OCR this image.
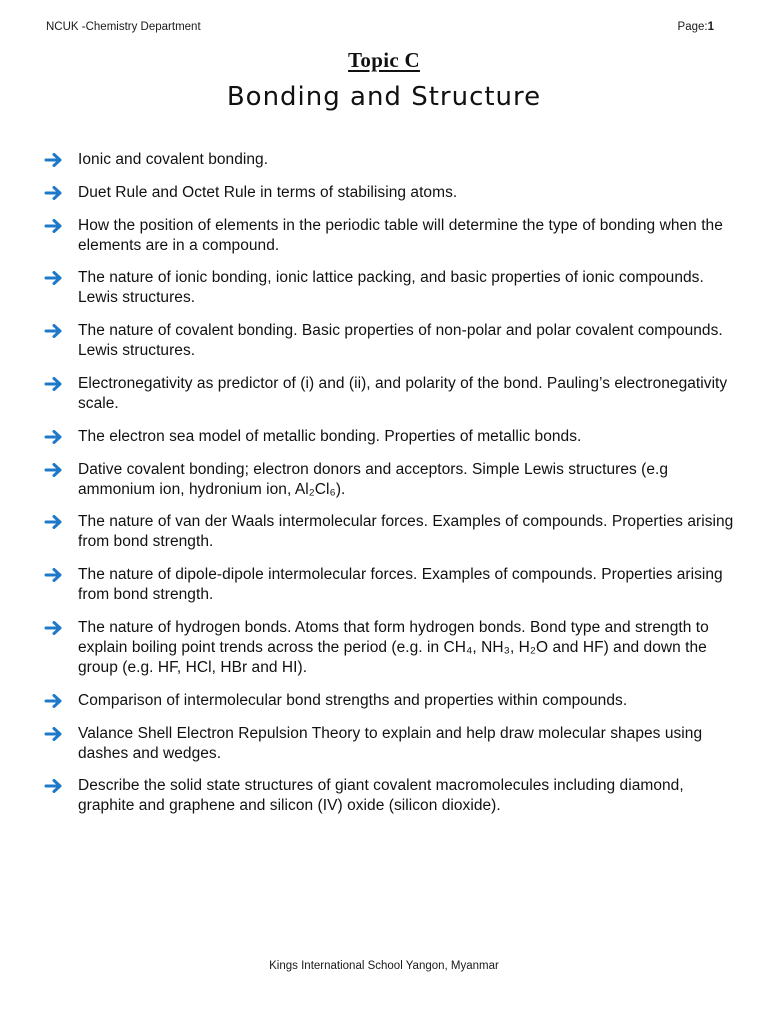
NCUK -Chemistry Department	Page:1
Topic C
Bonding and Structure
Ionic and covalent bonding.
Duet Rule and Octet Rule in terms of stabilising atoms.
How the position of elements in the periodic table will determine the type of bonding when the elements are in a compound.
The nature of ionic bonding, ionic lattice packing, and basic properties of ionic compounds. Lewis structures.
The nature of covalent bonding. Basic properties of non-polar and polar covalent compounds. Lewis structures.
Electronegativity as predictor of (i) and (ii), and polarity of the bond. Pauling’s electronegativity scale.
The electron sea model of metallic bonding. Properties of metallic bonds.
Dative covalent bonding; electron donors and acceptors. Simple Lewis structures (e.g ammonium ion, hydronium ion, Al₂Cl₆).
The nature of van der Waals intermolecular forces. Examples of compounds. Properties arising from bond strength.
The nature of dipole-dipole intermolecular forces. Examples of compounds. Properties arising from bond strength.
The nature of hydrogen bonds. Atoms that form hydrogen bonds. Bond type and strength to explain boiling point trends across the period (e.g. in CH₄, NH₃, H₂O and HF) and down the group (e.g. HF, HCl, HBr and HI).
Comparison of intermolecular bond strengths and properties within compounds.
Valance Shell Electron Repulsion Theory to explain and help draw molecular shapes using dashes and wedges.
Describe the solid state structures of giant covalent macromolecules including diamond, graphite and graphene and silicon (IV) oxide (silicon dioxide).
Kings International School Yangon, Myanmar
